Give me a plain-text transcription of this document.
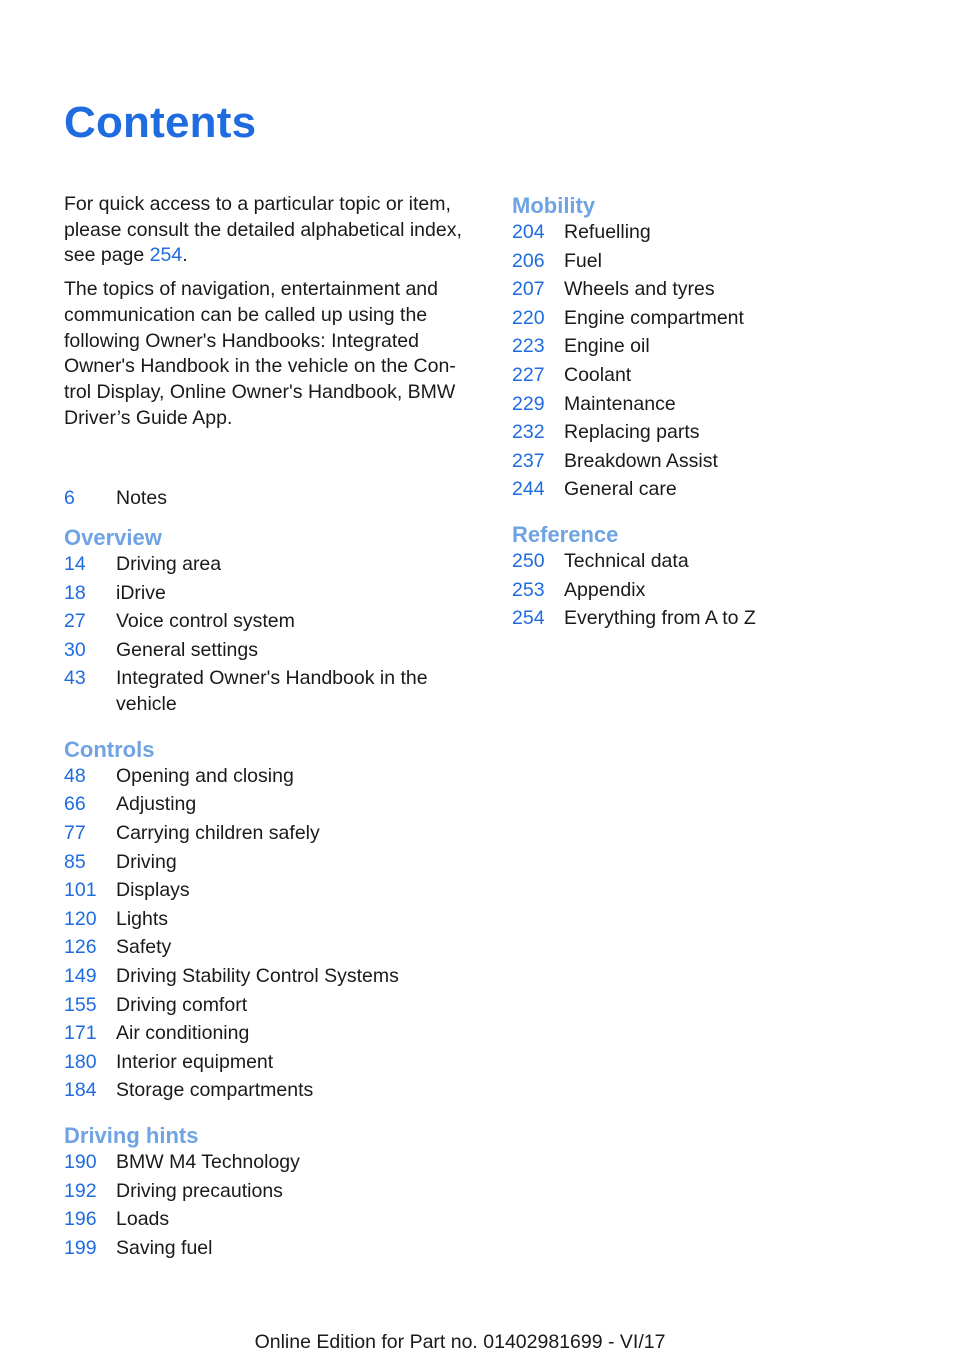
Contents

For quick access to a particular topic or item, please consult the detailed alphabetical index, see page 254.

The topics of navigation, entertainment and communication can be called up using the following Owner's Handbooks: Integrated Owner's Handbook in the vehicle on the Con-trol Display, Online Owner's Handbook, BMW Driver’s Guide App.

6	Notes
Overview
14	Driving area
18	iDrive
27	Voice control system
30	General settings
43	Integrated Owner's Handbook in the vehicle
Controls
48	Opening and closing
66	Adjusting
77	Carrying children safely
85	Driving
101 Displays
120 Lights
126 Safety
149 Driving Stability Control Systems
155 Driving comfort
171 Air conditioning
180 Interior equipment
184 Storage compartments
Driving hints
190 BMW M4 Technology
192 Driving precautions
196 Loads
199 Saving fuel
Mobility
204 Refuelling
206 Fuel
207 Wheels and tyres
220 Engine compartment
223 Engine oil
227 Coolant
229 Maintenance
232 Replacing parts
237 Breakdown Assist
244 General care
Reference
250 Technical data
253 Appendix
254 Everything from A to Z
Online Edition for Part no. 01402981699 - VI/17
